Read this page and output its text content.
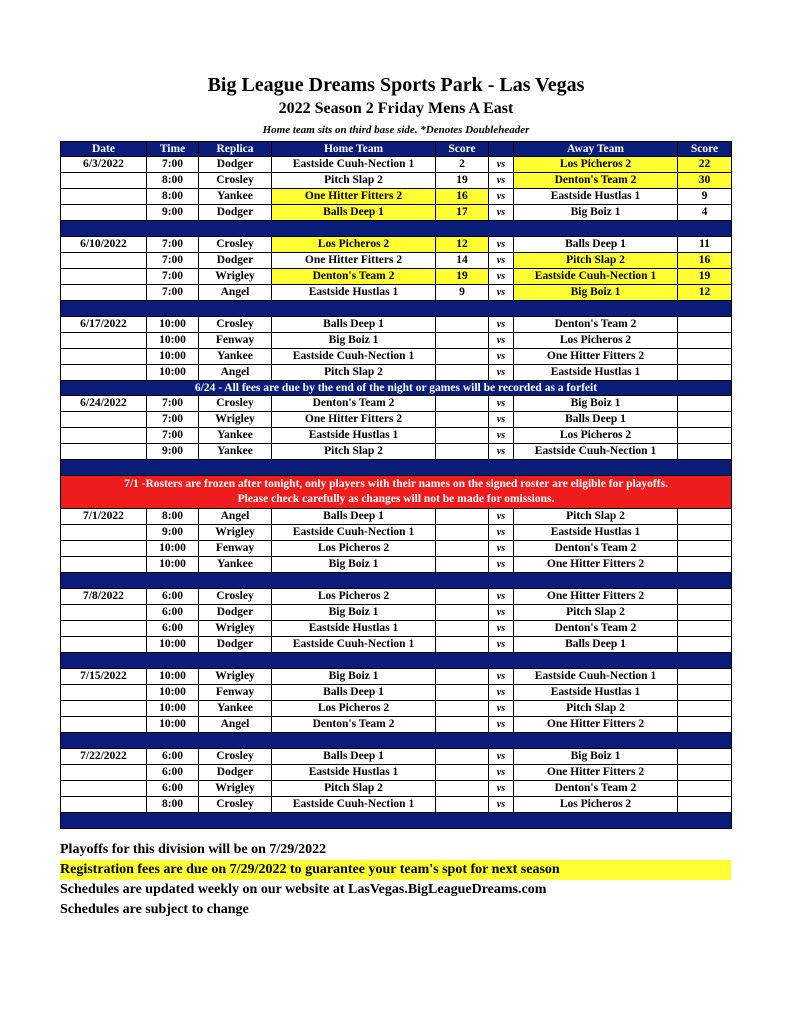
Big League Dreams Sports Park - Las Vegas
2022 Season 2 Friday Mens A East
Home team sits on third base side. *Denotes Doubleheader
Date	Time	Replica	Home Team	Score		Away Team	Score
6/3/2022	7:00	Dodger	Eastside Cuuh-Nection 1	2	vs	Los Picheros 2	22
	8:00	Crosley	Pitch Slap 2	19	vs	Denton's Team 2	30
	8:00	Yankee	One Hitter Fitters 2	16	vs	Eastside Hustlas 1	9
	9:00	Dodger	Balls Deep 1	17	vs	Big Boiz 1	4

6/10/2022	7:00	Crosley	Los Picheros 2	12	vs	Balls Deep 1	11
	7:00	Dodger	One Hitter Fitters 2	14	vs	Pitch Slap 2	16
	7:00	Wrigley	Denton's Team 2	19	vs	Eastside Cuuh-Nection 1	19
	7:00	Angel	Eastside Hustlas 1	9	vs	Big Boiz 1	12

6/17/2022	10:00	Crosley	Balls Deep 1		vs	Denton's Team 2	
	10:00	Fenway	Big Boiz 1		vs	Los Picheros 2	
	10:00	Yankee	Eastside Cuuh-Nection 1		vs	One Hitter Fitters 2	
	10:00	Angel	Pitch Slap 2		vs	Eastside Hustlas 1	
6/24 - All fees are due by the end of the night or games will be recorded as a forfeit							
6/24/2022	7:00	Crosley	Denton's Team 2		vs	Big Boiz 1	
	7:00	Wrigley	One Hitter Fitters 2		vs	Balls Deep 1	
	7:00	Yankee	Eastside Hustlas 1		vs	Los Picheros 2	
	9:00	Yankee	Pitch Slap 2		vs	Eastside Cuuh-Nection 1	

7/1 -Rosters are frozen after tonight, only players with their names on the signed roster are eligible for playoffs.
Please check carefully as changes will not be made for omissions.							

7/1/2022	8:00	Angel	Balls Deep 1		vs	Pitch Slap 2	
	9:00	Wrigley	Eastside Cuuh-Nection 1		vs	Eastside Hustlas 1	
	10:00	Fenway	Los Picheros 2		vs	Denton's Team 2	
	10:00	Yankee	Big Boiz 1		vs	One Hitter Fitters 2	

7/8/2022	6:00	Crosley	Los Picheros 2		vs	One Hitter Fitters 2	
	6:00	Dodger	Big Boiz 1		vs	Pitch Slap 2	
	6:00	Wrigley	Eastside Hustlas 1		vs	Denton's Team 2	
	10:00	Dodger	Eastside Cuuh-Nection 1		vs	Balls Deep 1	

7/15/2022	10:00	Wrigley	Big Boiz 1		vs	Eastside Cuuh-Nection 1	
	10:00	Fenway	Balls Deep 1		vs	Eastside Hustlas 1	
	10:00	Yankee	Los Picheros 2		vs	Pitch Slap 2	
	10:00	Angel	Denton's Team 2		vs	One Hitter Fitters 2	

7/22/2022	6:00	Crosley	Balls Deep 1		vs	Big Boiz 1	
	6:00	Dodger	Eastside Hustlas 1		vs	One Hitter Fitters 2	
	6:00	Wrigley	Pitch Slap 2		vs	Denton's Team 2	
	8:00	Crosley	Eastside Cuuh-Nection 1		vs	Los Picheros 2	

Playoffs for this division will be on 7/29/2022
Registration fees are due on 7/29/2022 to guarantee your team's spot for next season
Schedules are updated weekly on our website at LasVegas.BigLeagueDreams.com
Schedules are subject to change
